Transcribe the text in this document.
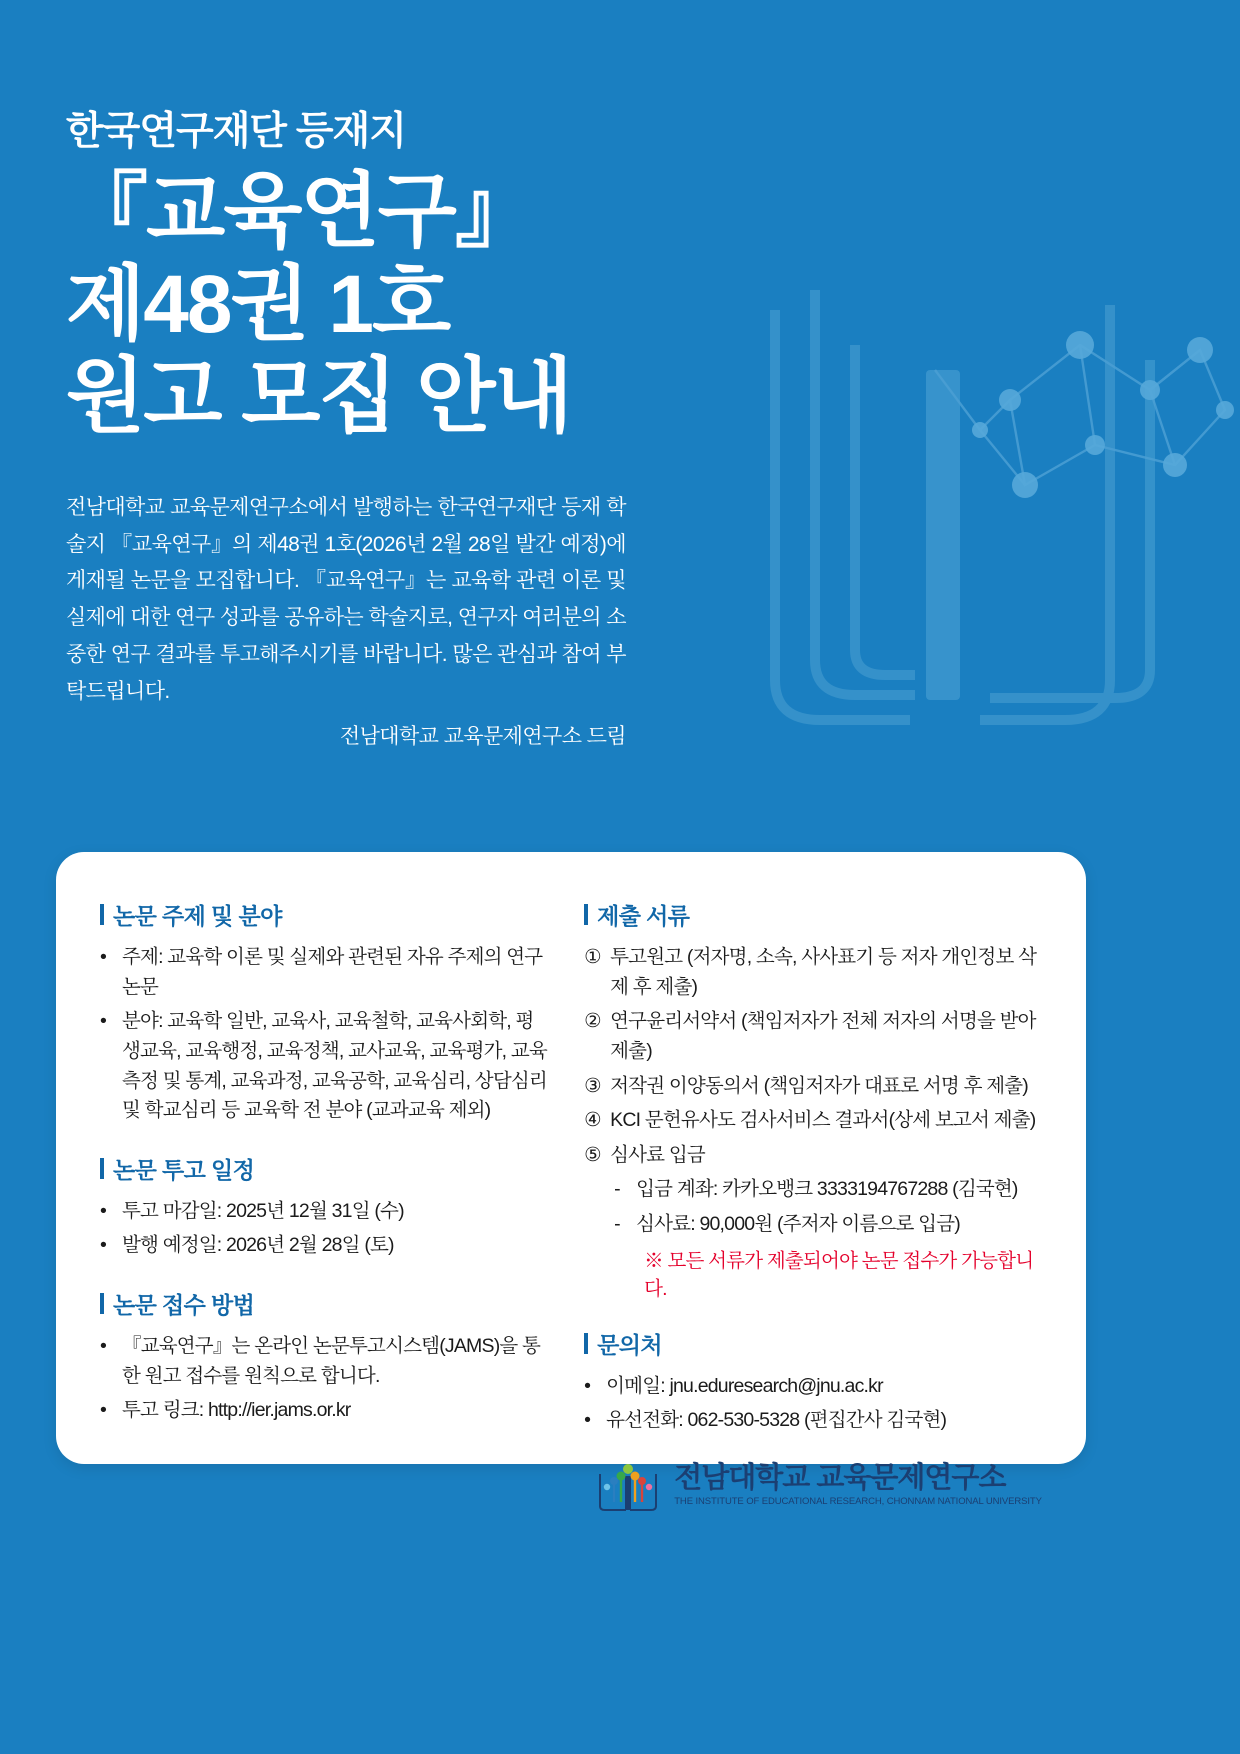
한국연구재단 등재지
『교육연구』
제48권 1호
원고 모집 안내
전남대학교 교육문제연구소에서 발행하는 한국연구재단 등재 학술지 『교육연구』의 제48권 1호(2026년 2월 28일 발간 예정)에 게재될 논문을 모집합니다. 『교육연구』는 교육학 관련 이론 및 실제에 대한 연구 성과를 공유하는 학술지로, 연구자 여러분의 소중한 연구 결과를 투고해주시기를 바랍니다. 많은 관심과 참여 부탁드립니다.
전남대학교 교육문제연구소 드림
논문 주제 및 분야
• 주제: 교육학 이론 및 실제와 관련된 자유 주제의 연구논문
• 분야: 교육학 일반, 교육사, 교육철학, 교육사회학, 평생교육, 교육행정, 교육정책, 교사교육, 교육평가, 교육측정 및 통계, 교육과정, 교육공학, 교육심리, 상담심리 및 학교심리 등 교육학 전 분야 (교과교육 제외)
논문 투고 일정
• 투고 마감일: 2025년 12월 31일 (수)
• 발행 예정일: 2026년 2월 28일 (토)
논문 접수 방법
• 『교육연구』는 온라인 논문투고시스템(JAMS)을 통한 원고 접수를 원칙으로 합니다.
• 투고 링크: http://ier.jams.or.kr
제출 서류
① 투고원고 (저자명, 소속, 사사표기 등 저자 개인정보 삭제 후 제출)
② 연구윤리서약서 (책임저자가 전체 저자의 서명을 받아 제출)
③ 저작권 이양동의서 (책임저자가 대표로 서명 후 제출)
④ KCI 문헌유사도 검사서비스 결과서(상세 보고서 제출)
⑤ 심사료 입금
- 입금 계좌: 카카오뱅크 3333194767288 (김국현)
- 심사료: 90,000원 (주저자 이름으로 입금)
※ 모든 서류가 제출되어야 논문 접수가 가능합니다.
문의처
• 이메일: jnu.eduresearch@jnu.ac.kr
• 유선전화: 062-530-5328 (편집간사 김국현)
전남대학교 교육문제연구소
THE INSTITUTE OF EDUCATIONAL RESEARCH, CHONNAM NATIONAL UNIVERSITY
